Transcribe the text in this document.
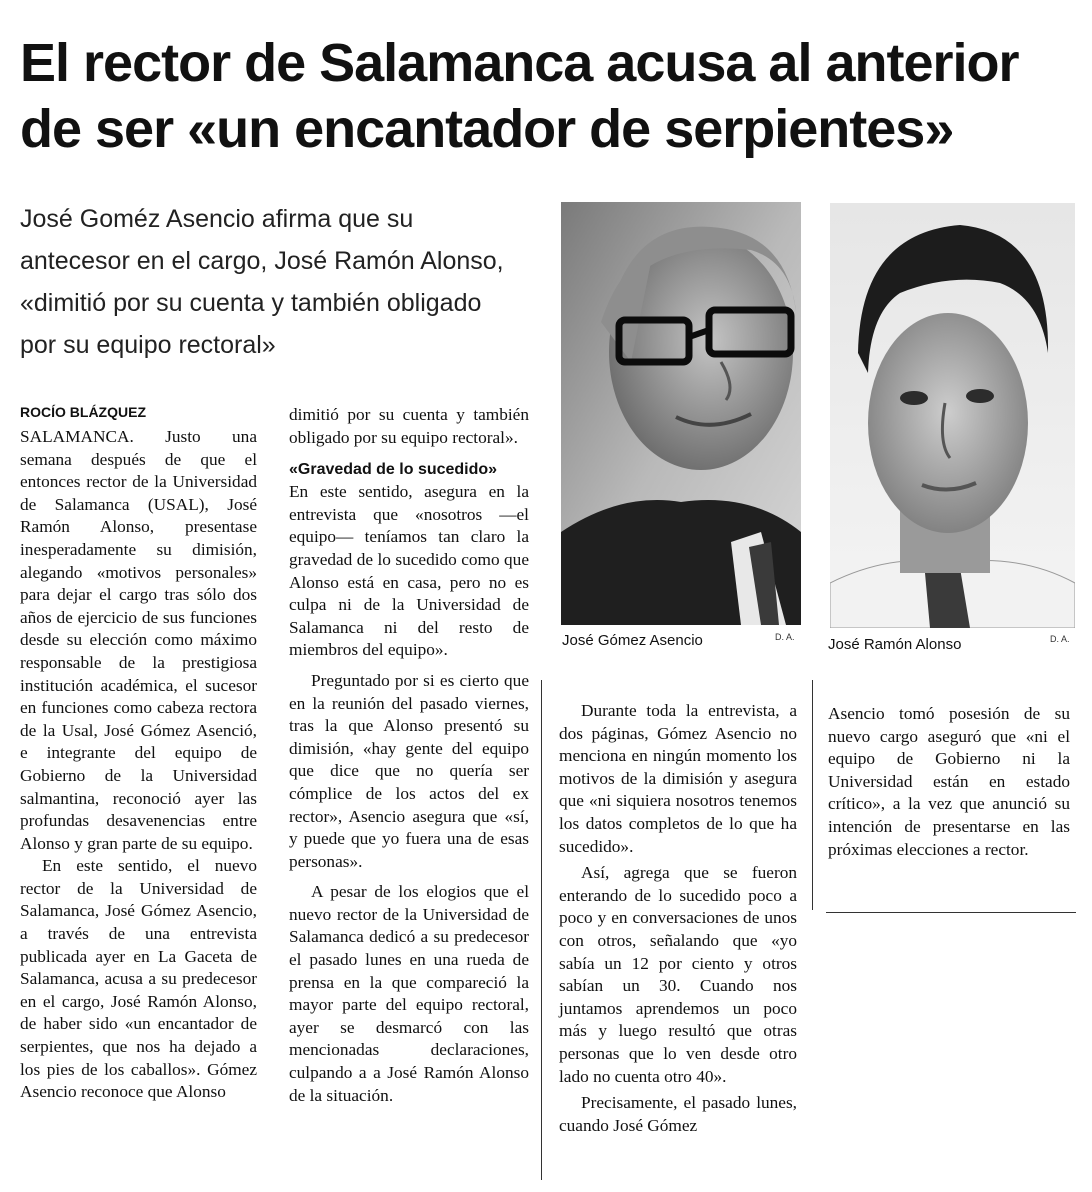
El rector de Salamanca acusa al anterior
de ser «un encantador de serpientes»
José Goméz Asencio afirma que su
antecesor en el cargo, José Ramón Alonso,
«dimitió por su cuenta y también obligado
por su equipo rectoral»
ROCÍO BLÁZQUEZ

SALAMANCA. Justo una semana después de que el entonces rector de la Universidad de Salamanca (USAL), José Ramón Alonso, presentase inesperadamente su dimisión, alegando «motivos personales» para dejar el cargo tras sólo dos años de ejercicio de sus funciones desde su elección como máximo responsable de la prestigiosa institución académica, el sucesor en funciones como cabeza rectora de la Usal, José Gómez Asenció, e integrante del equipo de Gobierno de la Universidad salmantina, reconoció ayer las profundas desavenencias entre Alonso y gran parte de su equipo.

En este sentido, el nuevo rector de la Universidad de Salamanca, José Gómez Asencio, a través de una entrevista publicada ayer en La Gaceta de Salamanca, acusa a su predecesor en el cargo, José Ramón Alonso, de haber sido «un encantador de serpientes, que nos ha dejado a los pies de los caballos». Gómez Asencio reconoce que Alonso

dimitió por su cuenta y también obligado por su equipo rectoral».

«Gravedad de lo sucedido»

En este sentido, asegura en la entrevista que «nosotros —el equipo— teníamos tan claro la gravedad de lo sucedido como que Alonso está en casa, pero no es culpa ni de la Universidad de Salamanca ni del resto de miembros del equipo».

Preguntado por si es cierto que en la reunión del pasado viernes, tras la que Alonso presentó su dimisión, «hay gente del equipo que dice que no quería ser cómplice de los actos del ex rector», Asencio asegura que «sí, y puede que yo fuera una de esas personas».

A pesar de los elogios que el nuevo rector de la Universidad de Salamanca dedicó a su predecesor el pasado lunes en una rueda de prensa en la que compareció la mayor parte del equipo rectoral, ayer se desmarcó con las mencionadas declaraciones, culpando a a José Ramón Alonso de la situación.

José Gómez Asencio	D. A. José Ramón Alonso	D. A.

Durante toda la entrevista, a dos páginas, Gómez Asencio no menciona en ningún momento los motivos de la dimisión y asegura que «ni siquiera nosotros tenemos los datos completos de lo que ha sucedido».

Así, agrega que se fueron enterando de lo sucedido poco a poco y en conversaciones de unos con otros, señalando que «yo sabía un 12 por ciento y otros sabían un 30. Cuando nos juntamos aprendemos un poco más y luego resultó que otras personas que lo ven desde otro lado no cuenta otro 40».

Precisamente, el pasado lunes, cuando José Gómez

Asencio tomó posesión de su nuevo cargo aseguró que «ni el equipo de Gobierno ni la Universidad están en estado crítico», a la vez que anunció su intención de presentarse en las próximas elecciones a rector.
